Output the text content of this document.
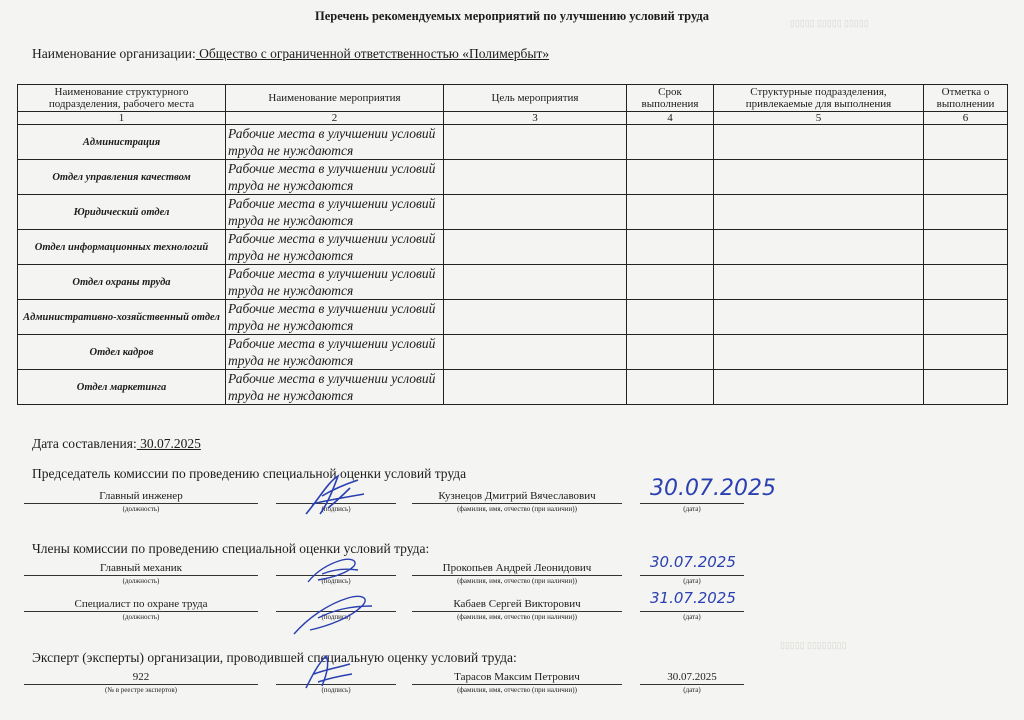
Перечень рекомендуемых мероприятий по улучшению условий труда
Наименование организации: Общество с ограниченной ответственностью «Полимербыт»
▯▯▯▯▯ ▯▯▯▯▯ ▯▯▯▯▯
▯▯▯▯▯ ▯▯▯▯▯▯▯▯
Наименование структурного подразделения, рабочего места	Наименование мероприятия	Цель мероприятия	Срок выполнения	Структурные подразделения, привлекаемые для выполнения	Отметка о выполнении
1	2	3	4	5	6
Администрация	Рабочие места в улучшении условий труда не нуждаются				
Отдел управления качеством	Рабочие места в улучшении условий труда не нуждаются				
Юридический отдел	Рабочие места в улучшении условий труда не нуждаются				
Отдел информационных технологий	Рабочие места в улучшении условий труда не нуждаются				
Отдел охраны труда	Рабочие места в улучшении условий труда не нуждаются				
Административно-хозяйственный отдел	Рабочие места в улучшении условий труда не нуждаются				
Отдел кадров	Рабочие места в улучшении условий труда не нуждаются				
Отдел маркетинга	Рабочие места в улучшении условий труда не нуждаются				
Дата составления: 30.07.2025
Председатель комиссии по проведению специальной оценки условий труда
Главный инженер
(должность)	(подпись)
Кузнецов Дмитрий Вячеславович
(фамилия, имя, отчество (при наличии))	(дата)
30.07.2025
Члены комиссии по проведению специальной оценки условий труда:
Главный механик
(должность)	(подпись)
Прокопьев Андрей Леонидович
(фамилия, имя, отчество (при наличии))	(дата)
30.07.2025
Специалист по охране труда
(должность)	(подпись)
Кабаев Сергей Викторович
(фамилия, имя, отчество (при наличии))	(дата)
31.07.2025
Эксперт (эксперты) организации, проводившей специальную оценку условий труда:
922
(№ в реестре экспертов)	(подпись)
Тарасов Максим Петрович
(фамилия, имя, отчество (при наличии))
30.07.2025
(дата)
